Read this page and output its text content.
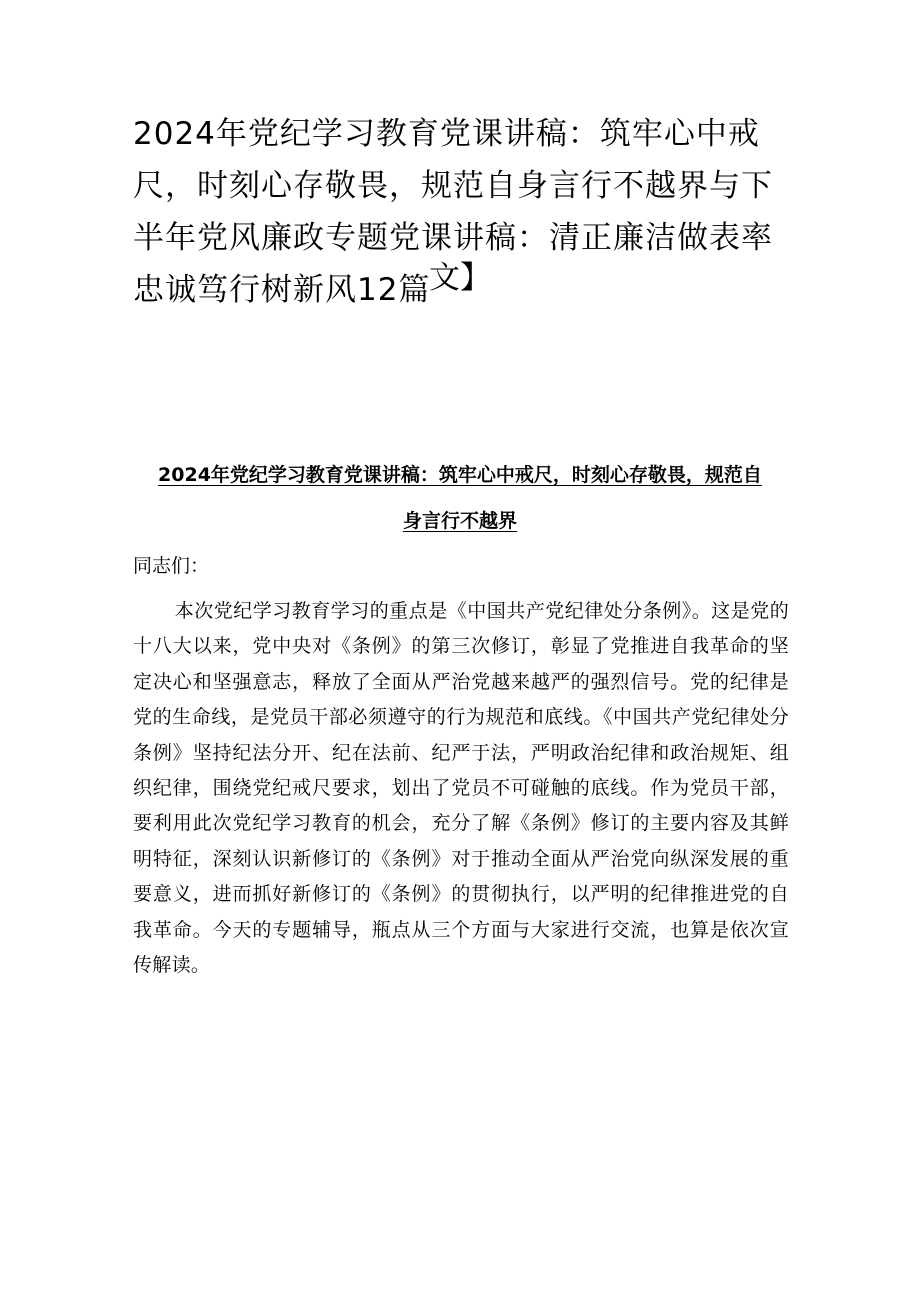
2024年党纪学习教育党课讲稿：筑牢心中戒尺，时刻心存敬畏，规范自身言行不越界与下半年党风廉政专题党课讲稿：清正廉洁做表率忠诚笃行树新风12篇
文】
2024年党纪学习教育党课讲稿：筑牢心中戒尺，时刻心存敬畏，规范自身言行不越界

同志们：

本次党纪学习教育学习的重点是《中国共产党纪律处分条例》。这是党的十八大以来，党中央对《条例》的第三次修订，彰显了党推进自我革命的坚定决心和坚强意志，释放了全面从严治党越来越严的强烈信号。党的纪律是党的生命线，是党员干部必须遵守的行为规范和底线。《中国共产党纪律处分条例》坚持纪法分开、纪在法前、纪严于法，严明政治纪律和政治规矩、组织纪律，围绕党纪戒尺要求，划出了党员不可碰触的底线。作为党员干部，要利用此次党纪学习教育的机会，充分了解《条例》修订的主要内容及其鲜明特征，深刻认识新修订的《条例》对于推动全面从严治党向纵深发展的重要意义，进而抓好新修订的《条例》的贯彻执行，以严明的纪律推进党的自我革命。今天的专题辅导，瓶点从三个方面与大家进行交流，也算是依次宣传解读。
